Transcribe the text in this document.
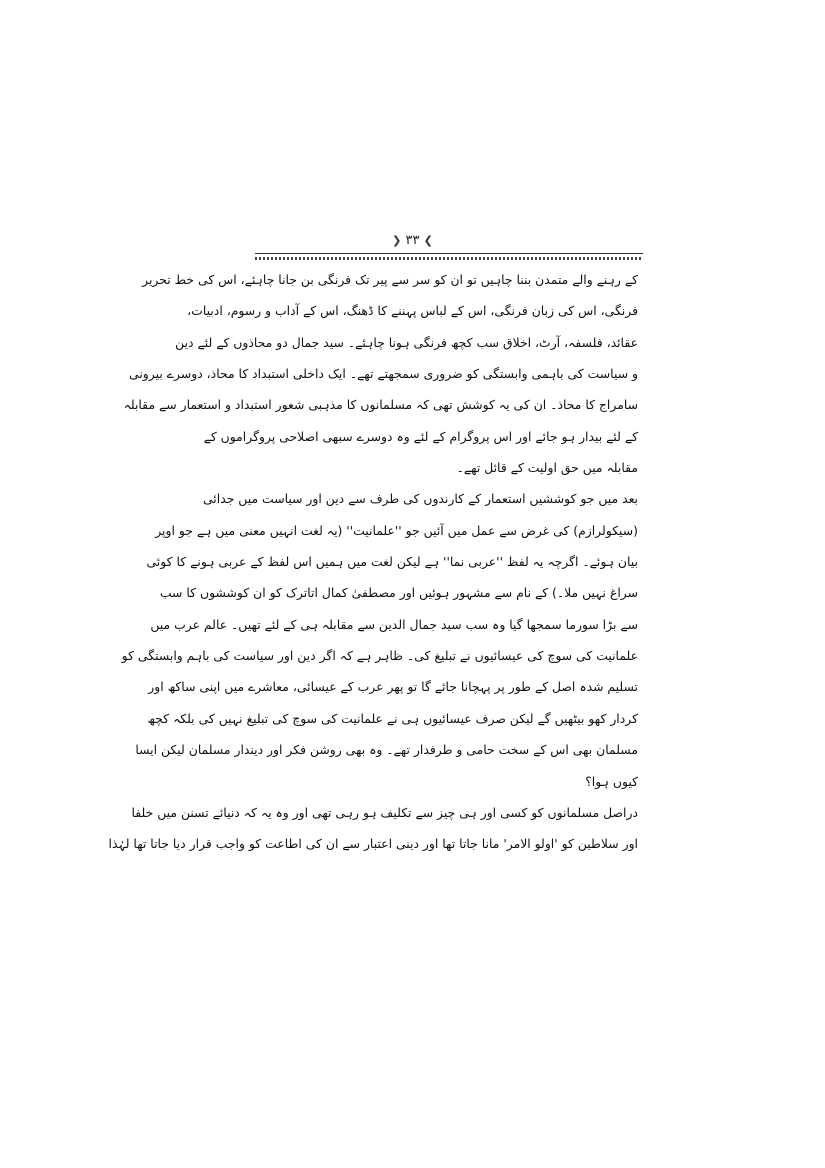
❯ ۳۳ ❮
کے رہنے والے متمدن بننا چاہیں تو ان کو سر سے پیر تک فرنگی بن جانا چاہئے، اس کی خط تحریر
فرنگی، اس کی زبان فرنگی، اس کے لباس پہننے کا ڈھنگ، اس کے آداب و رسوم، ادبیات،
عقائد، فلسفہ، آرٹ، اخلاق سب کچھ فرنگی ہونا چاہئے۔ سید جمال دو محاذوں کے لئے دین
و سیاست کی باہمی وابستگی کو ضروری سمجھتے تھے۔ ایک داخلی استبداد کا محاذ، دوسرے بیرونی
سامراج کا محاذ۔ ان کی یہ کوشش تھی کہ مسلمانوں کا مذہبی شعور استبداد و استعمار سے مقابلہ
کے لئے بیدار ہو جائے اور اس پروگرام کے لئے وہ دوسرے سبھی اصلاحی پروگراموں کے
مقابلہ میں حق اولیت کے قائل تھے۔
بعد میں جو کوششیں استعمار کے کارندوں کی طرف سے دین اور سیاست میں جدائی
(سیکولرازم) کی غرض سے عمل میں آئیں جو ''علمانیت'' (یہ لغت انہیں معنی میں ہے جو اوپر
بیان ہوئے۔ اگرچہ یہ لفظ ''عربی نما'' ہے لیکن لغت میں ہمیں اس لفظ کے عربی ہونے کا کوئی
سراغ نہیں ملا۔) کے نام سے مشہور ہوئیں اور مصطفیٰ کمال اتاترک کو ان کوششوں کا سب
سے بڑا سورما سمجھا گیا وہ سب سید جمال الدین سے مقابلہ ہی کے لئے تھیں۔ عالم عرب میں
علمانیت کی سوچ کی عیسائیوں نے تبلیغ کی۔ ظاہر ہے کہ اگر دین اور سیاست کی باہم وابستگی کو
تسلیم شدہ اصل کے طور پر پہچانا جائے گا تو پھر عرب کے عیسائی، معاشرے میں اپنی ساکھ اور
کردار کھو بیٹھیں گے لیکن صرف عیسائیوں ہی نے علمانیت کی سوچ کی تبلیغ نہیں کی بلکہ کچھ
مسلمان بھی اس کے سخت حامی و طرفدار تھے۔ وہ بھی روشن فکر اور دیندار مسلمان لیکن ایسا
کیوں ہوا؟
دراصل مسلمانوں کو کسی اور ہی چیز سے تکلیف ہو رہی تھی اور وہ یہ کہ دنیائے تسنن میں خلفا
اور سلاطین کو 'اولو الامر' مانا جاتا تھا اور دینی اعتبار سے ان کی اطاعت کو واجب قرار دیا جاتا تھا لہٰذا
